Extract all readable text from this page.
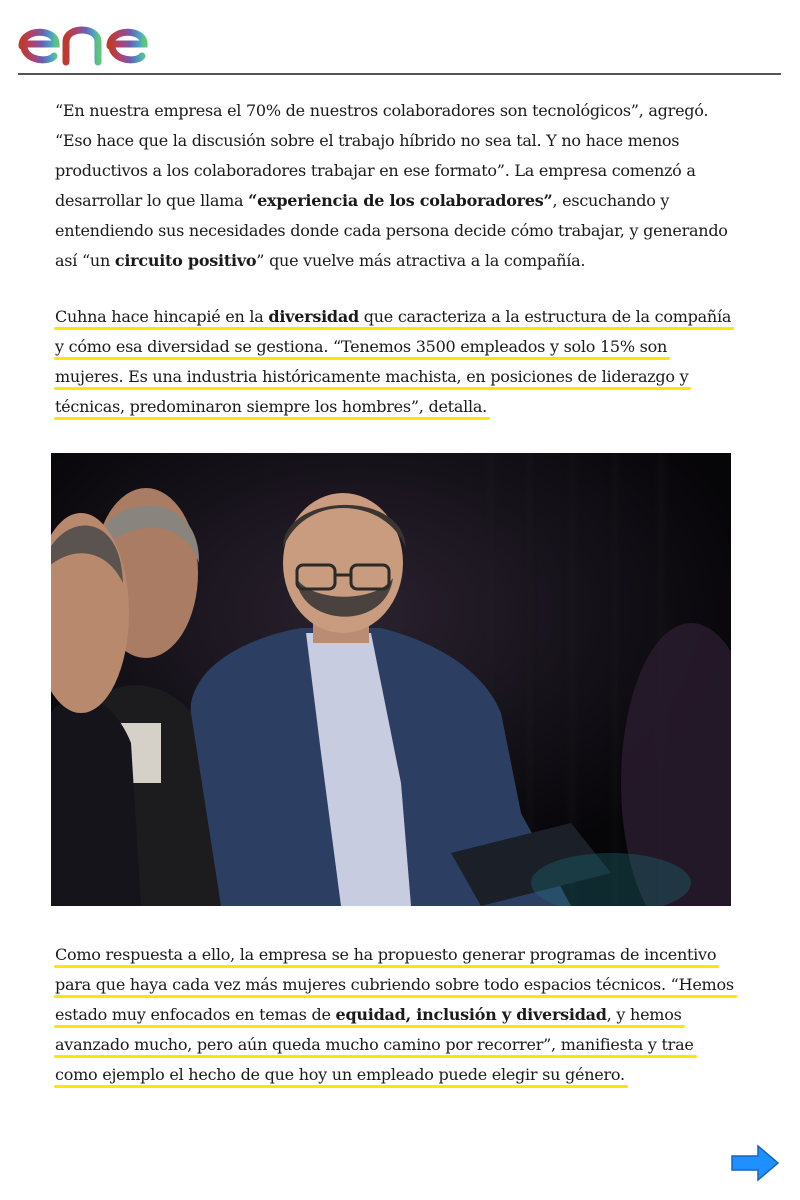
“En nuestra empresa el 70% de nuestros colaboradores son tecnológicos”, agregó.
“Eso hace que la discusión sobre el trabajo híbrido no sea tal. Y no hace menos
productivos a los colaboradores trabajar en ese formato”. La empresa comenzó a
desarrollar lo que llama “experiencia de los colaboradores”, escuchando y
entendiendo sus necesidades donde cada persona decide cómo trabajar, y generando
así “un circuito positivo” que vuelve más atractiva a la compañía.
Cuhna hace hincapié en la diversidad que caracteriza a la estructura de la compañía
y cómo esa diversidad se gestiona. “Tenemos 3500 empleados y solo 15% son
mujeres. Es una industria históricamente machista, en posiciones de liderazgo y
técnicas, predominaron siempre los hombres”, detalla.
Como respuesta a ello, la empresa se ha propuesto generar programas de incentivo
para que haya cada vez más mujeres cubriendo sobre todo espacios técnicos. “Hemos
estado muy enfocados en temas de equidad, inclusión y diversidad, y hemos
avanzado mucho, pero aún queda mucho camino por recorrer”, manifiesta y trae
como ejemplo el hecho de que hoy un empleado puede elegir su género.
